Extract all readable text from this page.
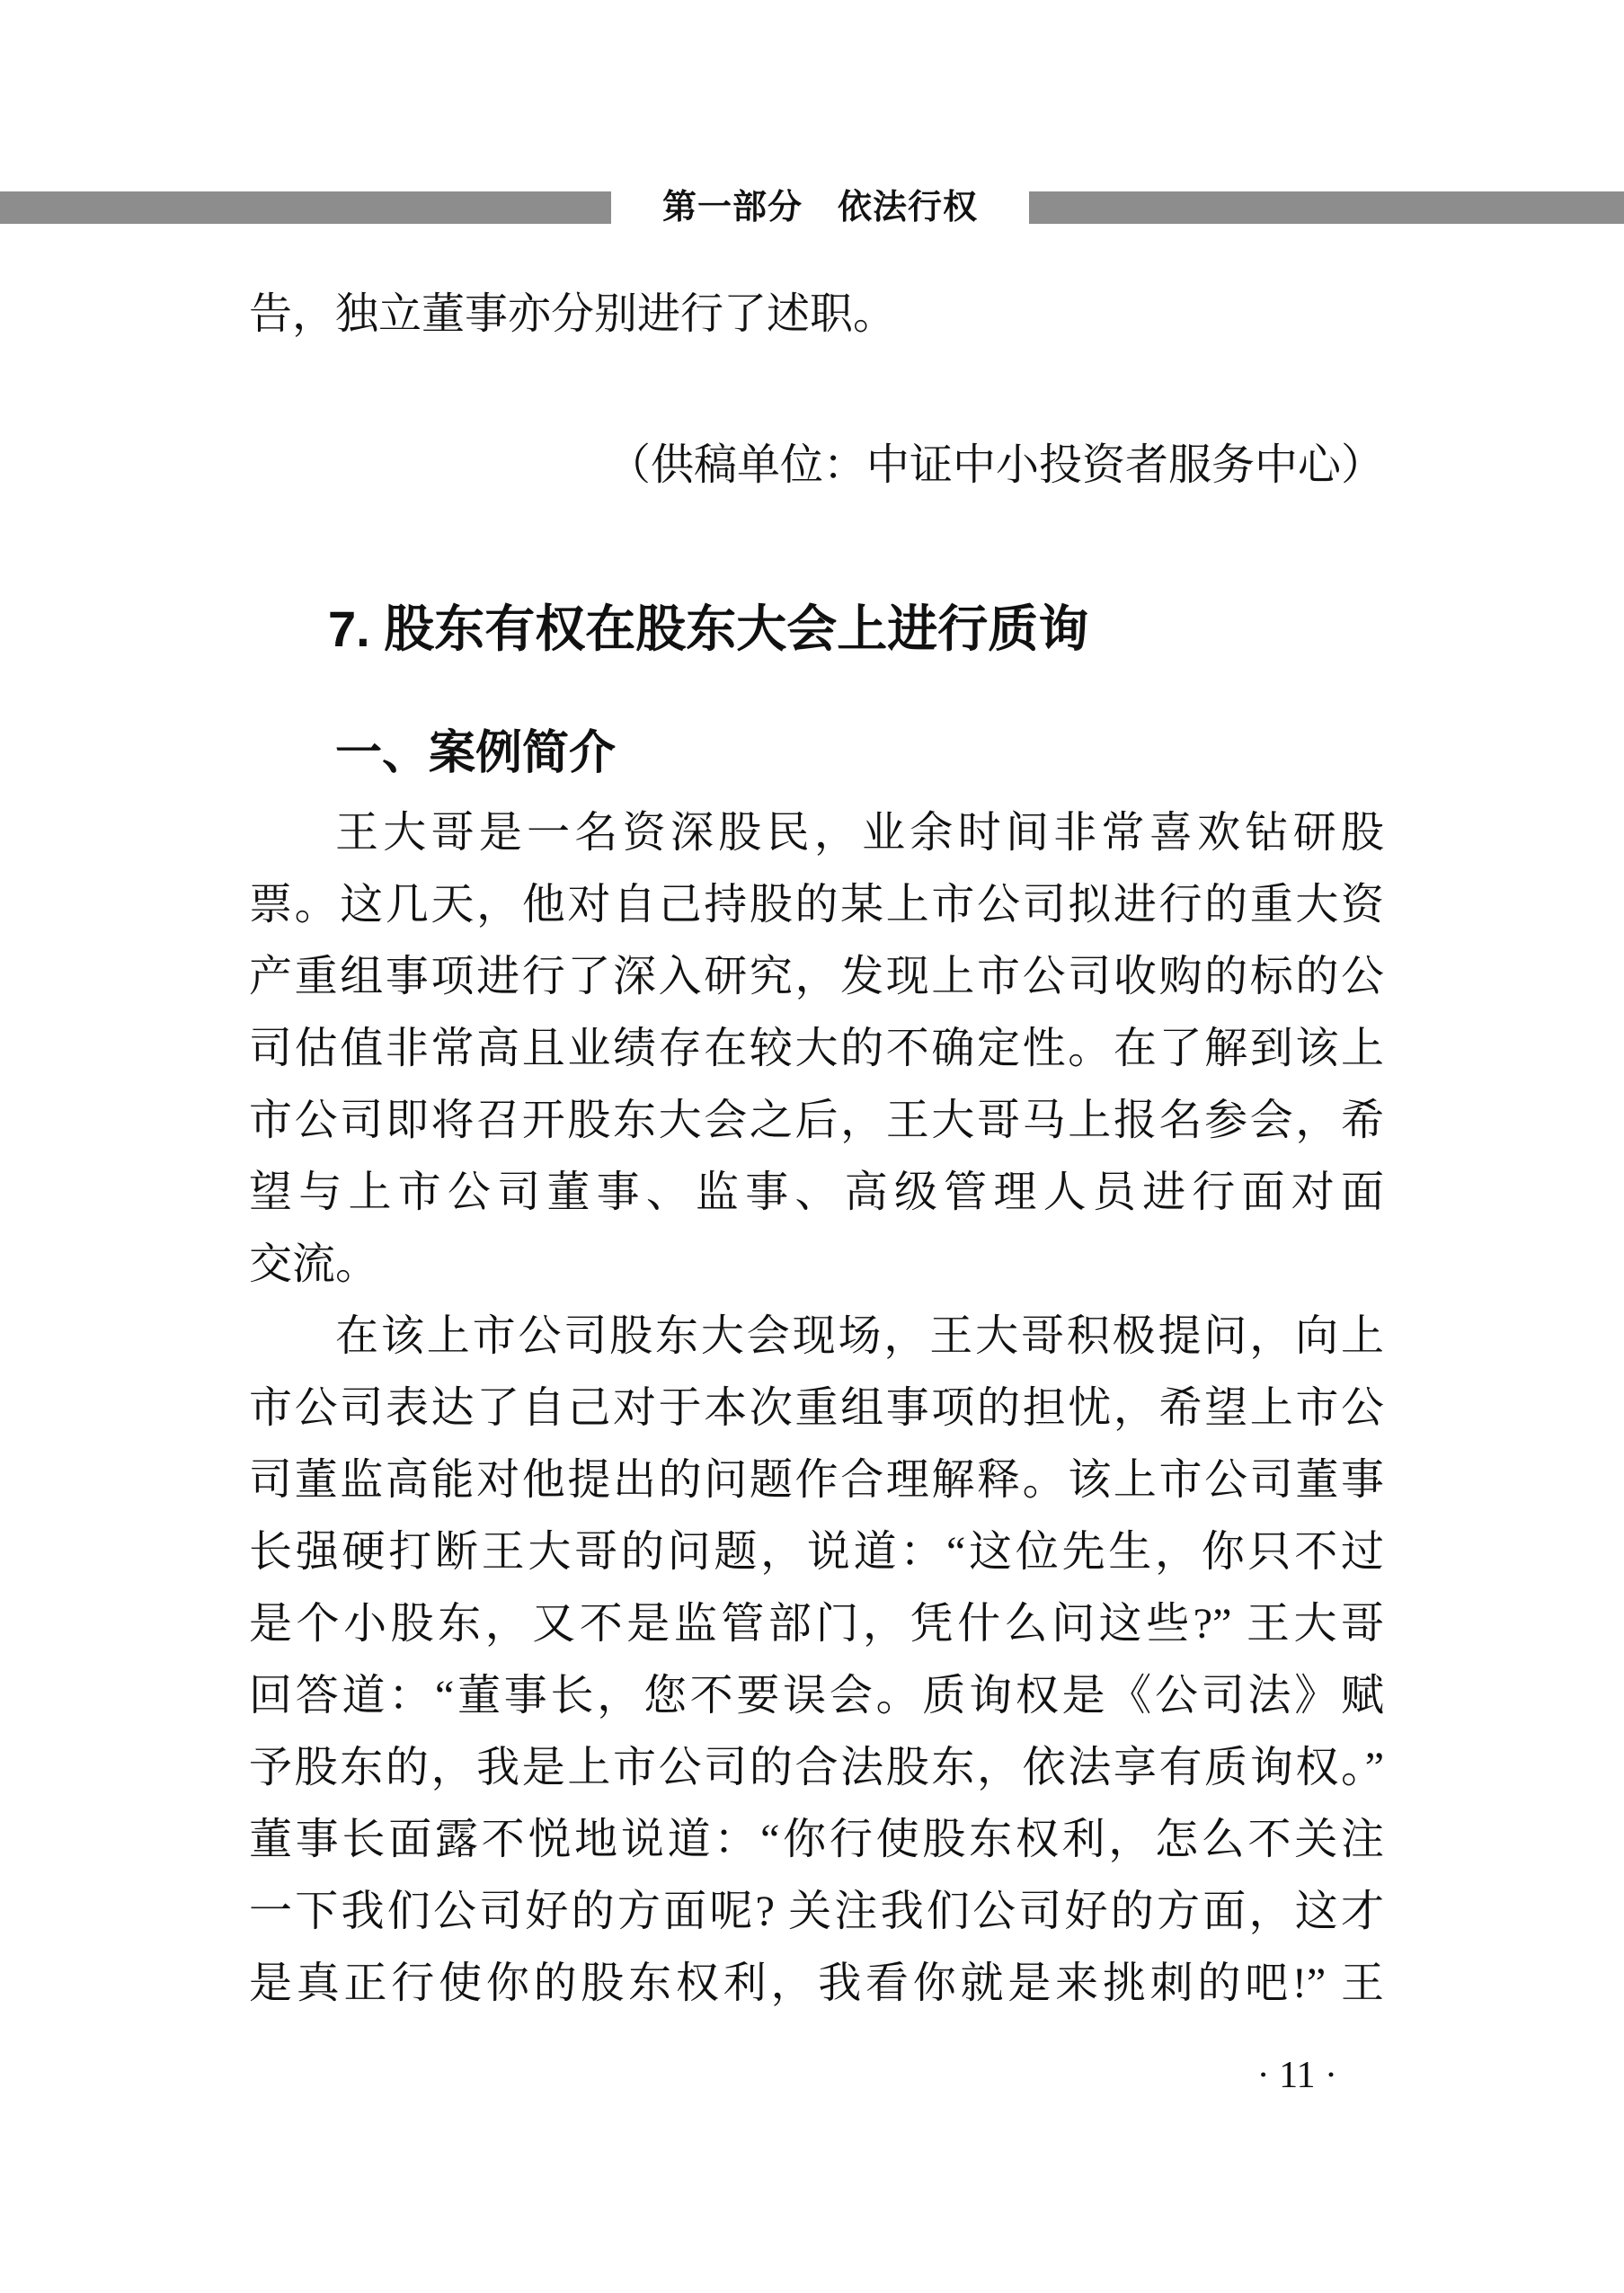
第一部分　依法行权
告，独立董事亦分别进行了述职。
（供稿单位：中证中小投资者服务中心）
7. 股东有权在股东大会上进行质询
一、案例简介
王大哥是一名资深股民，业余时间非常喜欢钻研股
票。这几天，他对自己持股的某上市公司拟进行的重大资
产重组事项进行了深入研究，发现上市公司收购的标的公
司估值非常高且业绩存在较大的不确定性。在了解到该上
市公司即将召开股东大会之后，王大哥马上报名参会，希
望与上市公司董事、监事、高级管理人员进行面对面
交流。
在该上市公司股东大会现场，王大哥积极提问，向上
市公司表达了自己对于本次重组事项的担忧，希望上市公
司董监高能对他提出的问题作合理解释。该上市公司董事
长强硬打断王大哥的问题，说道：“这位先生，你只不过
是个小股东，又不是监管部门，凭什么问这些?” 王大哥
回答道：“董事长，您不要误会。质询权是《公司法》赋
予股东的，我是上市公司的合法股东，依法享有质询权。”
董事长面露不悦地说道：“你行使股东权利，怎么不关注
一下我们公司好的方面呢? 关注我们公司好的方面，这才
是真正行使你的股东权利，我看你就是来挑刺的吧!” 王
· 11 ·
